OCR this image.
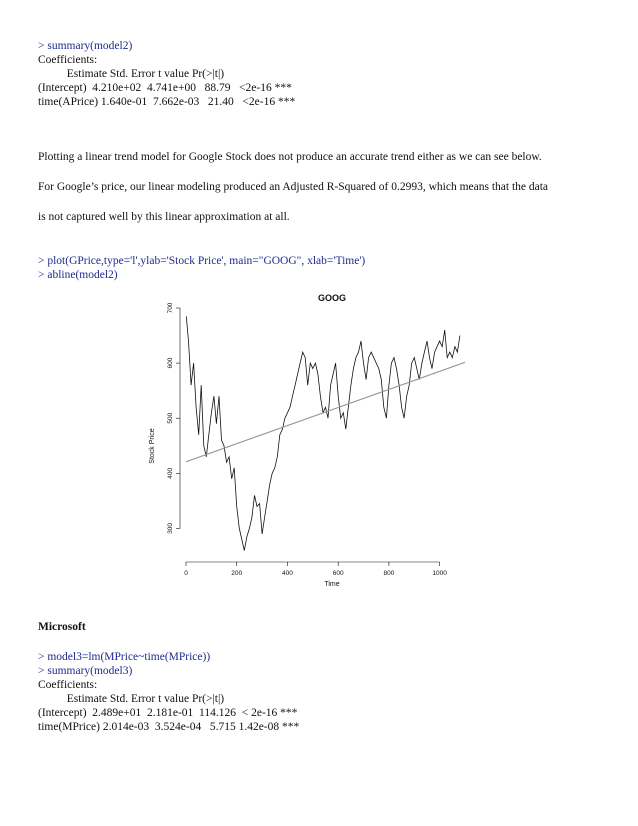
> summary(model2)
Coefficients:
Estimate Std. Error t value Pr(>|t|)
(Intercept)  4.210e+02  4.741e+00   88.79   <2e-16 ***
time(APrice) 1.640e-01  7.662e-03   21.40   <2e-16 ***
Plotting a linear trend model for Google Stock does not produce an accurate trend either as we can see below.
For Google’s price, our linear modeling produced an Adjusted R-Squared of 0.2993, which means that the data
is not captured well by this linear approximation at all.
> plot(GPrice,type='l',ylab='Stock Price', main="GOOG", xlab='Time')
> abline(model2)
GOOG
Stock Price
Time
300
400
500
600
700
0	200	400	600	800	1000
Microsoft
> model3=lm(MPrice~time(MPrice))
> summary(model3)
Coefficients:
Estimate Std. Error t value Pr(>|t|)
(Intercept)  2.489e+01  2.181e-01  114.126  < 2e-16 ***
time(MPrice) 2.014e-03  3.524e-04   5.715 1.42e-08 ***
